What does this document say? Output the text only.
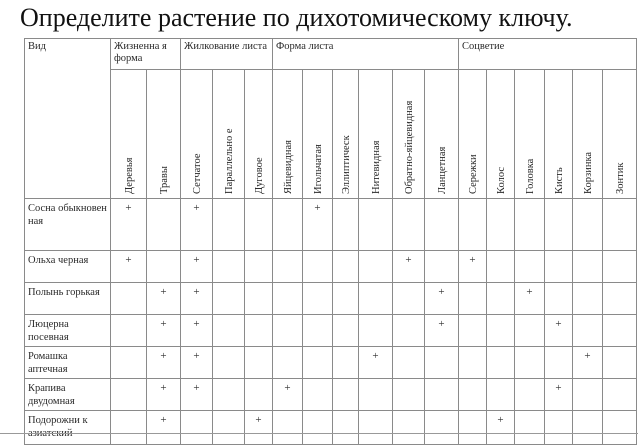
Определите растение по дихотомическому ключу.
Вид	Жизненна я форма		Жилкование листа			Форма листа						Соцветие					

	Деревья	Травы	Сетчатое	Параллельно е	Дуговое	Яйцевидная	Игольчатая	Эллиптическ	Нитевидная	Обратно-яйцевидная	Ланцетная	Сережки	Колос	Головка	Кисть	Корзинка	Зонтик

Сосна обыкновен ная	+		+				+										
Ольха черная	+		+							+		+					
Полынь горькая		+	+								+			+			
Люцерна посевная		+	+								+				+		
Ромашка аптечная		+	+						+							+	
Крапива двудомная		+	+			+									+		
Подорожни к		+			+								+				
